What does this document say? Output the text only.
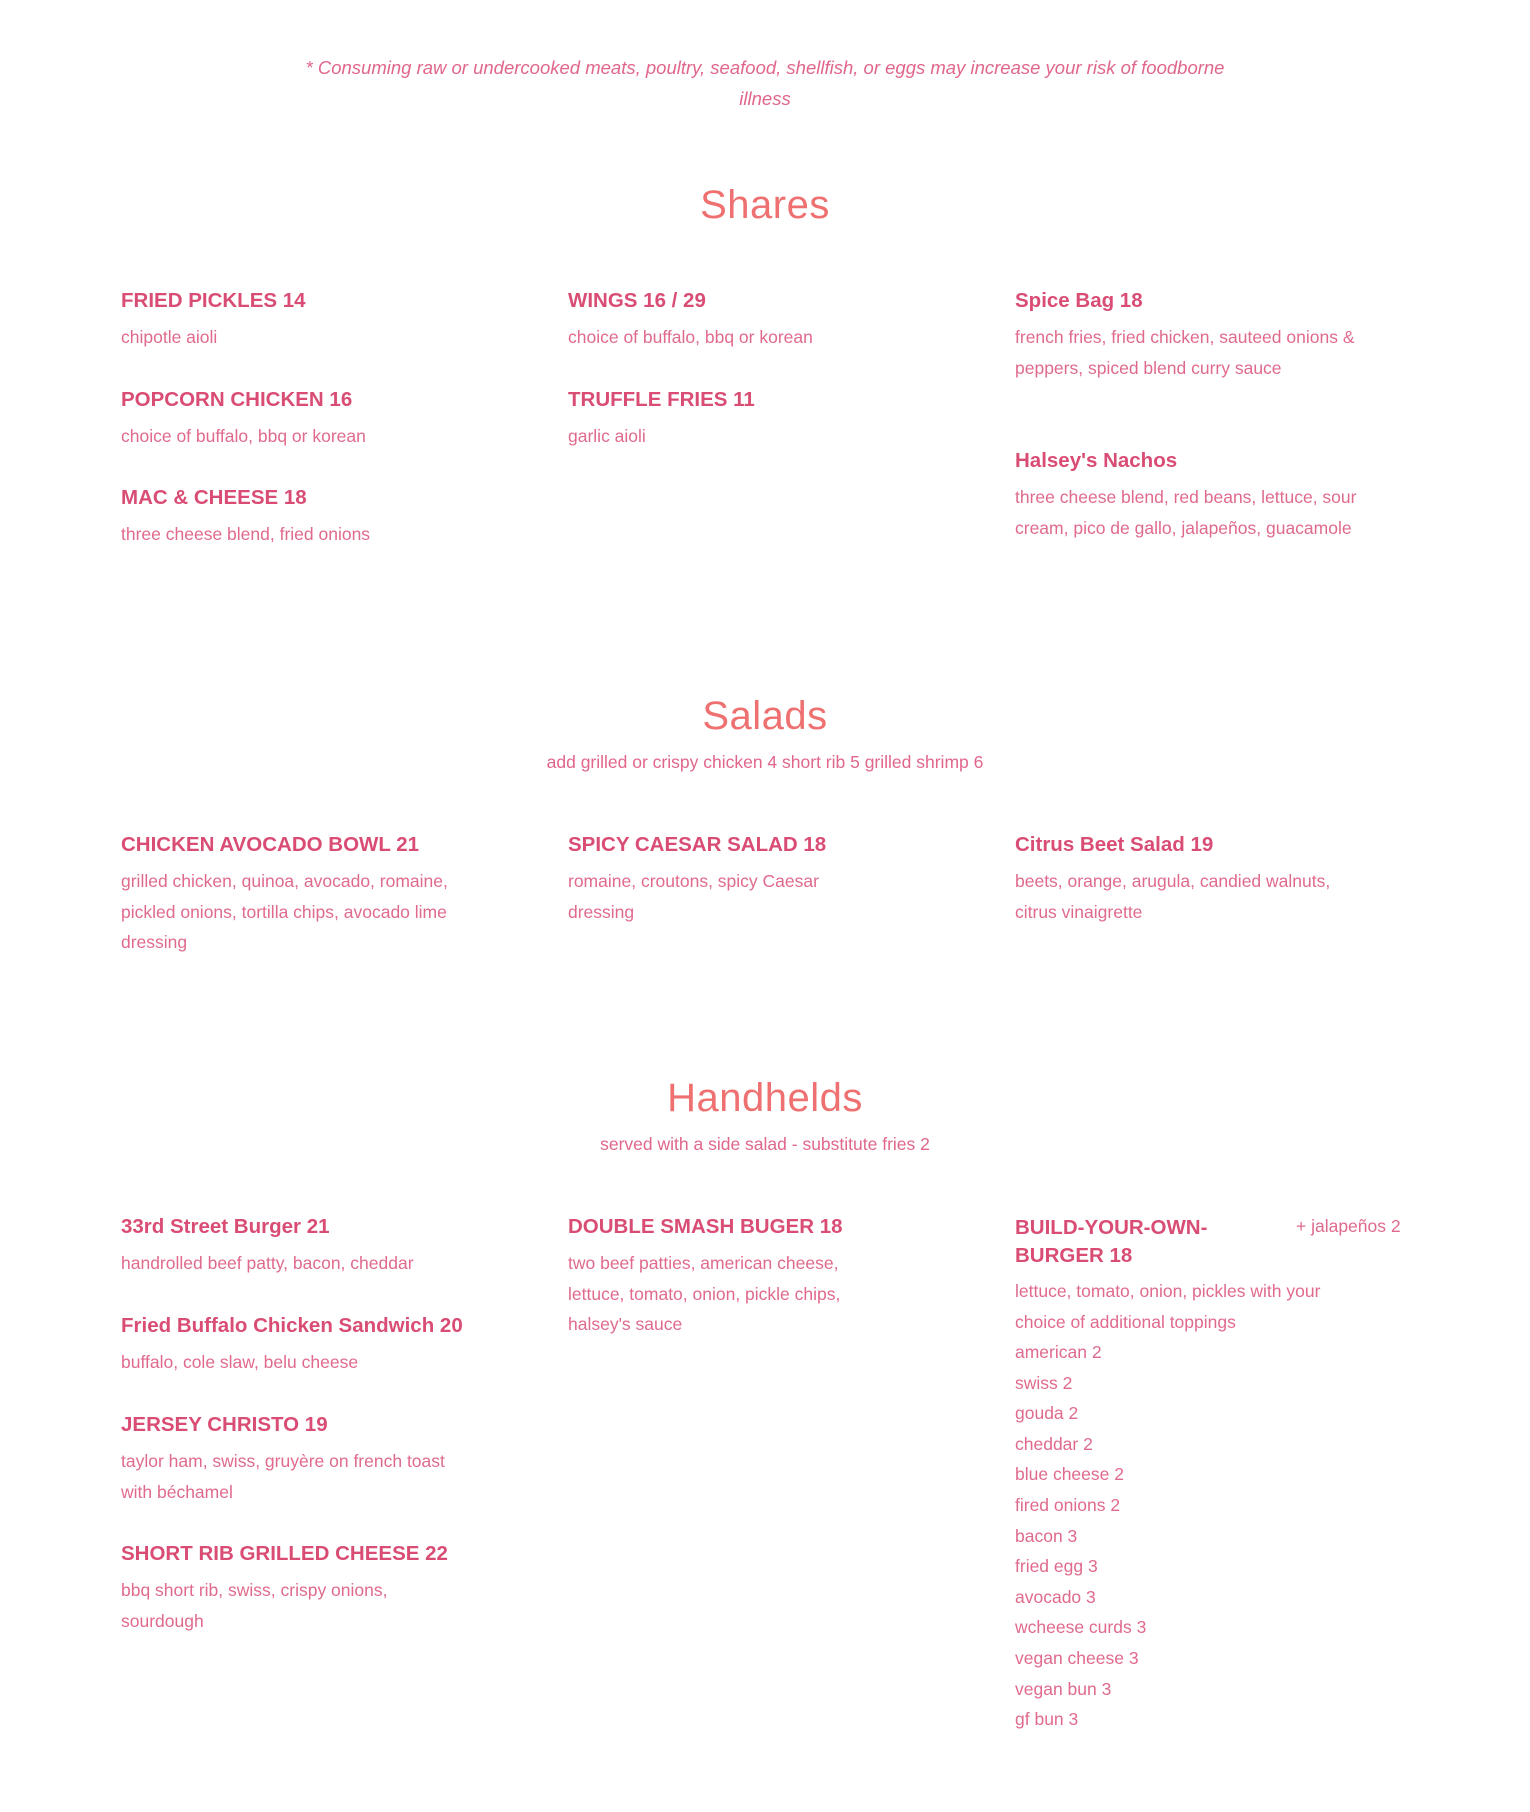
* Consuming raw or undercooked meats, poultry, seafood, shellfish, or eggs may increase your risk of foodborne illness
Shares
FRIED PICKLES 14
chipotle aioli
POPCORN CHICKEN 16
choice of buffalo, bbq or korean
MAC & CHEESE 18
three cheese blend, fried onions
WINGS 16 / 29
choice of buffalo, bbq or korean
TRUFFLE FRIES 11
garlic aioli
Spice Bag 18
french fries, fried chicken, sauteed onions & peppers, spiced blend curry sauce
Halsey's Nachos
three cheese blend, red beans, lettuce, sour cream, pico de gallo, jalapeños, guacamole
Salads
add grilled or crispy chicken 4 short rib 5 grilled shrimp 6
CHICKEN AVOCADO BOWL 21
grilled chicken, quinoa, avocado, romaine, pickled onions, tortilla chips, avocado lime dressing
SPICY CAESAR SALAD 18
romaine, croutons, spicy Caesar dressing
Citrus Beet Salad 19
beets, orange, arugula, candied walnuts, citrus vinaigrette
Handhelds
served with a side salad - substitute fries 2
33rd Street Burger 21
handrolled beef patty, bacon, cheddar
Fried Buffalo Chicken Sandwich 20
buffalo, cole slaw, belu cheese
JERSEY CHRISTO 19
taylor ham, swiss, gruyère on french toast with béchamel
SHORT RIB GRILLED CHEESE 22
bbq short rib, swiss, crispy onions, sourdough
DOUBLE SMASH BUGER 18
two beef patties, american cheese, lettuce, tomato, onion, pickle chips, halsey's sauce
BUILD-YOUR-OWN-BURGER 18
lettuce, tomato, onion, pickles with your choice of additional toppings
american 2
swiss 2
gouda 2
cheddar 2
blue cheese 2
fired onions 2
bacon 3
fried egg 3
avocado 3
wcheese curds 3
vegan cheese 3
vegan bun 3
gf bun 3
+ jalapeños 2
